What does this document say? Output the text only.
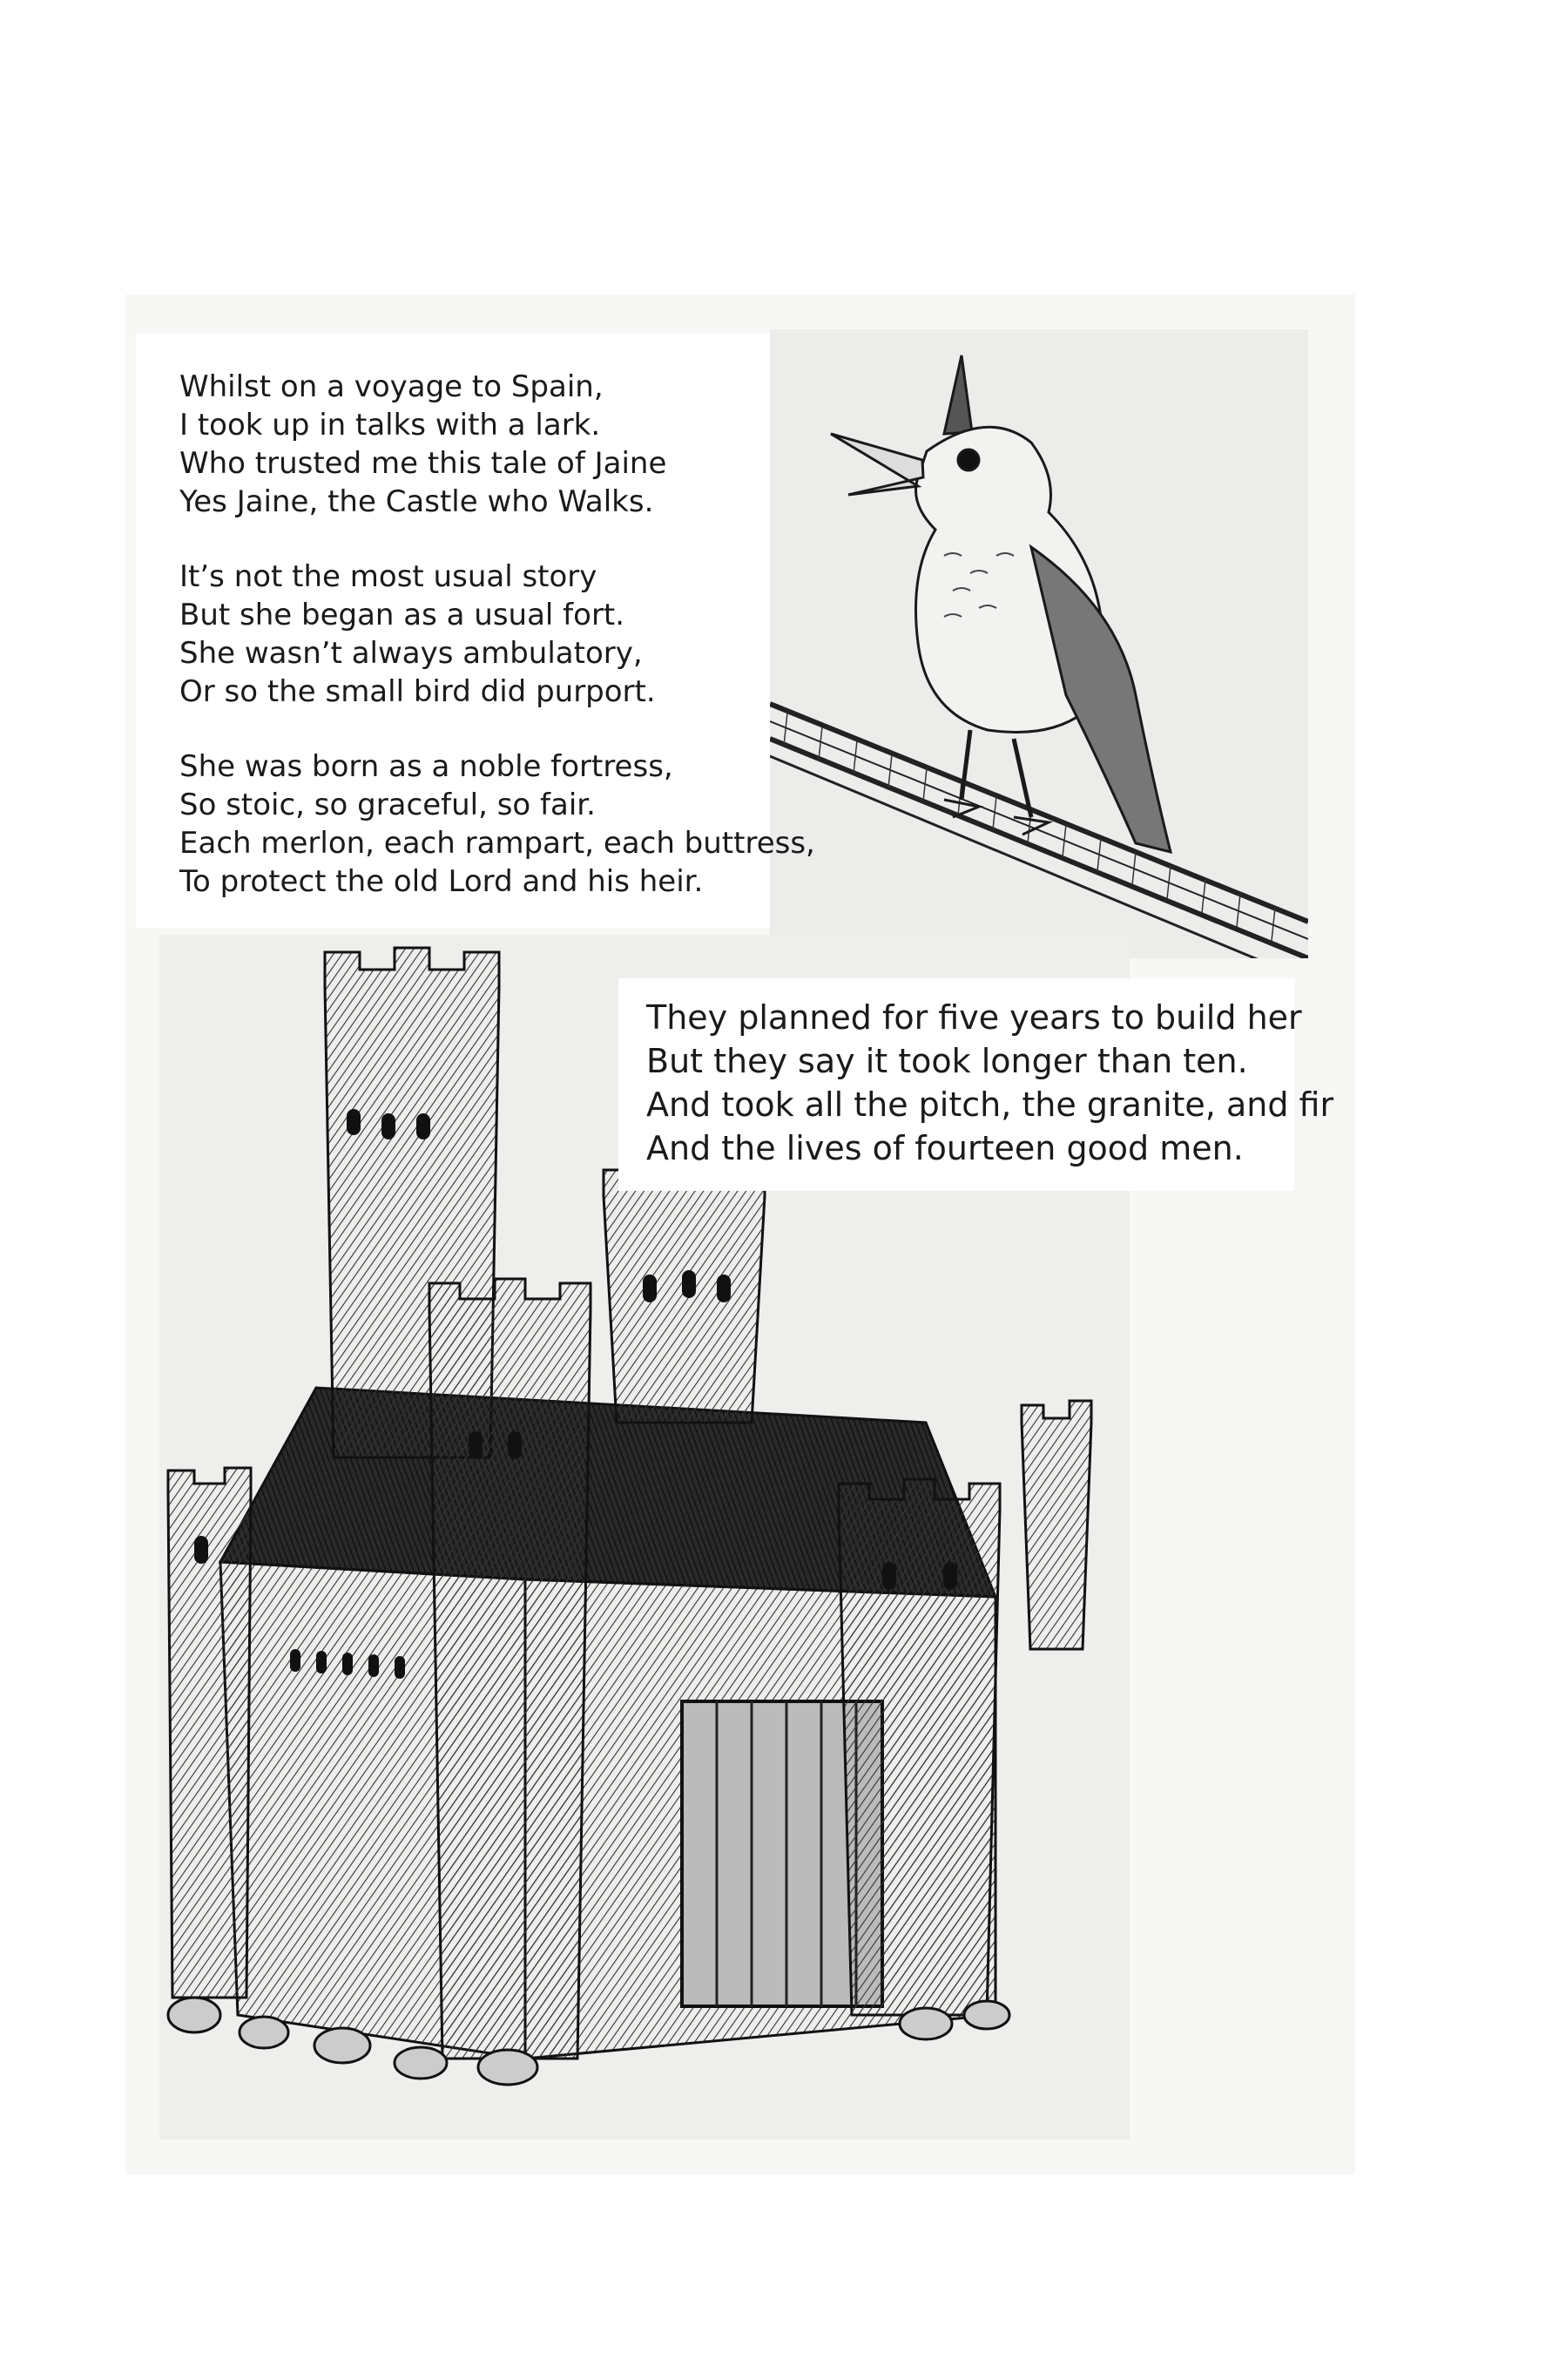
Whilst on a voyage to Spain,
I took up in talks with a lark.
Who trusted me this tale of Jaine
Yes Jaine, the Castle who Walks.

It’s not the most usual story
But she began as a usual fort.
She wasn’t always ambulatory,
Or so the small bird did purport.

She was born as a noble fortress,
So stoic, so graceful, so fair.
Each merlon, each rampart, each buttress,
To protect the old Lord and his heir.

They planned for five years to build her
But they say it took longer than ten.
And took all the pitch, the granite, and fir
And the lives of fourteen good men.
